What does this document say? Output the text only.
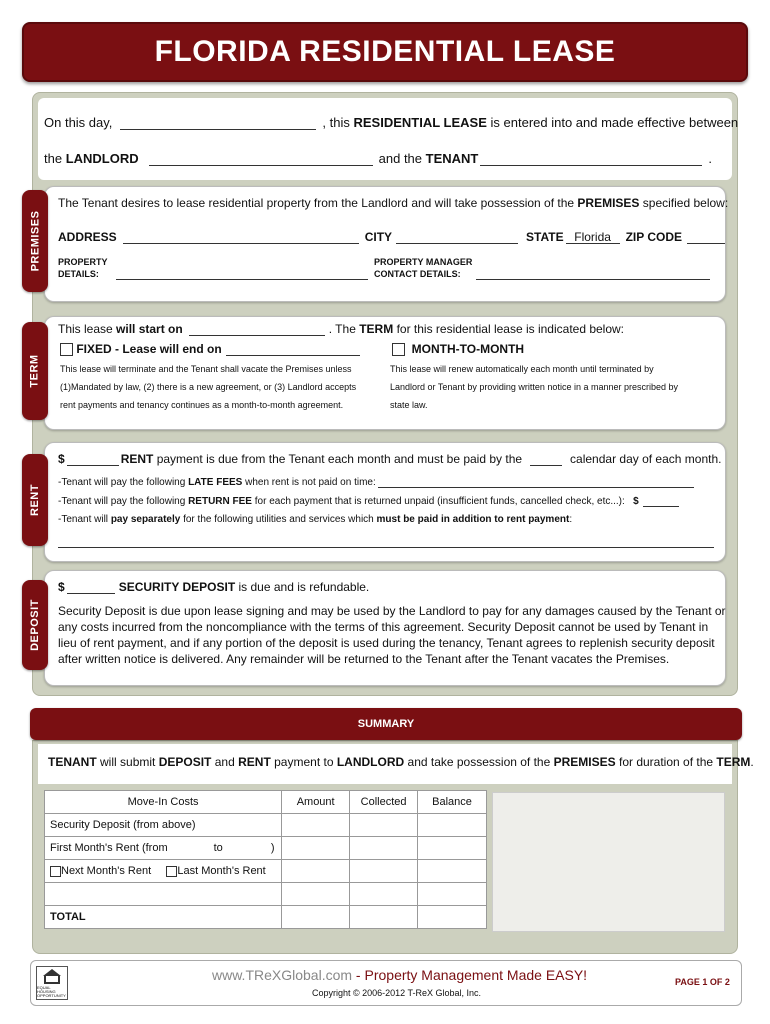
FLORIDA RESIDENTIAL LEASE
On this day,	, this
RESIDENTIAL LEASE
is entered into and made effective between
the
LANDLORD	and the
TENANT	.
PREMISES
The Tenant desires to lease residential property from the Landlord and will take possession of the PREMISES specified below:
ADDRESS	CITY	STATE Florida	ZIP CODE
PROPERTY
DETAILS:
PROPERTY MANAGER
CONTACT DETAILS:
TERM
This lease
will start on	. The
TERM
for this residential lease is indicated below:

FIXED - Lease will end on
	MONTH-TO-MONTH
This lease will terminate and the Tenant shall vacate the Premises unless
(1)Mandated by law, (2) there is a new agreement, or (3) Landlord accepts
rent payments and tenancy continues as a month-to-month agreement.
This lease will renew automatically each month until terminated by
Landlord or Tenant by providing written notice in a manner prescribed by
state law.
RENT
$	RENT
payment is due from the Tenant each month and must be paid by the	calendar day of each month.
-Tenant will pay the following
LATE FEES
when rent is not paid on time:
-Tenant will pay the following
RETURN FEE
for each payment that is returned unpaid (insufficient funds, cancelled check, etc...):
$
-Tenant will pay separately for the following utilities and services which must be paid in addition to rent payment:
DEPOSIT
$	SECURITY DEPOSIT
is due and is refundable.
Security Deposit is due upon lease signing and may be used by the Landlord to pay for any damages caused by the Tenant or
any costs incurred from the noncompliance with the terms of this agreement. Security Deposit cannot be used by Tenant in
lieu of rent payment, and if any portion of the deposit is used during the tenancy, Tenant agrees to replenish security deposit
after written notice is delivered. Any remainder will be returned to the Tenant after the Tenant vacates the Premises.
SUMMARY
TENANT will submit DEPOSIT and RENT payment to LANDLORD and take possession of the PREMISES for duration of the TERM.
Move-In Costs	Amount	Collected	Balance
Security Deposit (from above)			
First Month's Rent (from to )			
Next Month's Rent Last Month's Rent			

TOTAL			
EQUAL HOUSING OPPORTUNITY
www.TReXGlobal.com - Property Management Made EASY!
Copyright © 2006-2012 T-ReX Global, Inc.
PAGE 1 OF 2
